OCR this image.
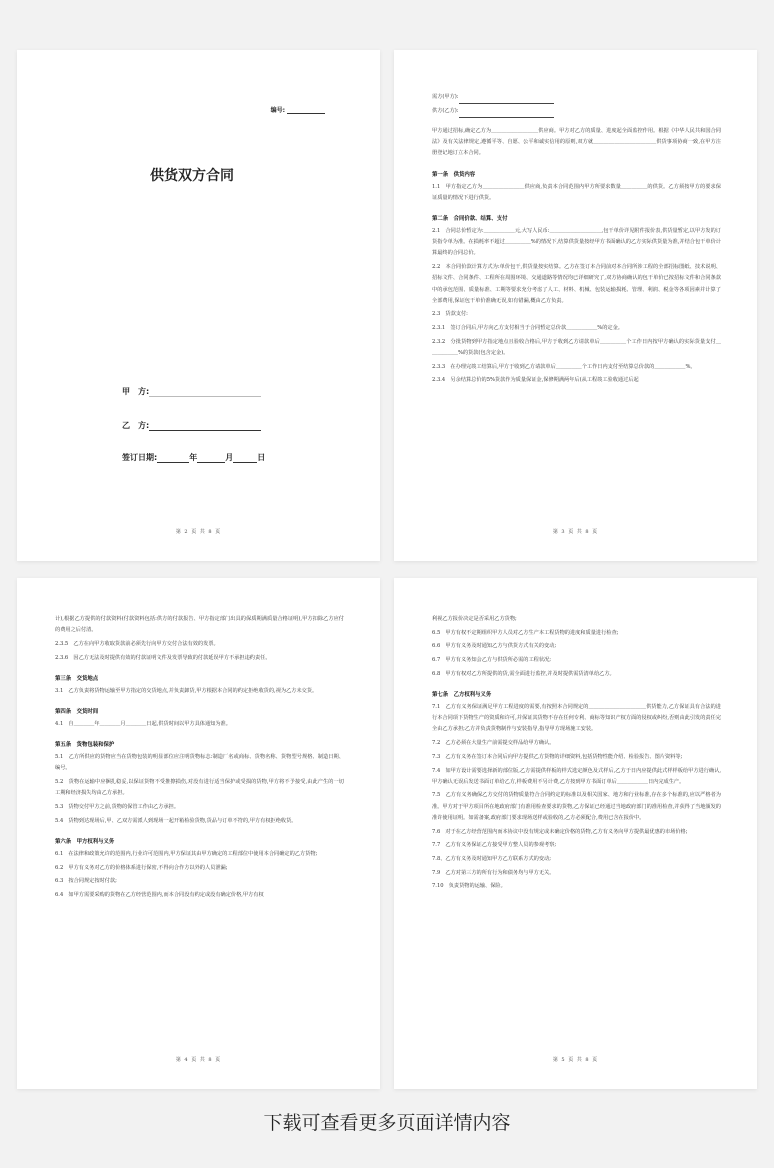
编号:
供货双方合同
甲　方:
乙　方:
签订日期:	年	月	日
第 2 页 共 8 页
需方(甲方):
供方(乙方):
甲方通过招标,确定乙方为＿＿＿＿＿＿＿＿＿供应商。甲方对乙方的质量、进度起全面监控作用。根据《中华人民共和国合同法》及有关法律规定,遵循平等、自愿、公平和诚实信用的原则,双方就＿＿＿＿＿＿＿＿＿＿＿＿供货事项协商一致,在甲方注册登记地订立本合同。
第一条　供货内容
1.1　甲方指定乙方为＿＿＿＿＿＿＿＿供应商,负责本合同范围内甲方所要求数量＿＿＿＿＿的供货。乙方须按甲方的要求保证质量的情况下进行供货。
第二条　合同价款、结算、支付
2.1　合同总价暂定为:＿＿＿＿＿＿元,大写人民币:＿＿＿＿＿＿＿＿＿＿,包干单价详见附件报价表,供货量暂定,以甲方发的订货指令单为准。在损耗率不超过＿＿＿＿＿%的情况下,结算供货量按经甲方书面确认的乙方实际供货量为准,并结合包干单价计算最终的合同总价。
2.2　本合同价款计算方式为:单价包干,供货量按实结算。乙方在签订本合同前对本合同所涉工程的全部招标图纸、技术说明、招标文件、合同条件、工程所在周围环境、交通道路等情况均已详细研究了,双方协商确认的包干单价已按招标文件和合同条款中的承包范围、质量标准、工期等要求充分考虑了人工、材料、机械、包装运输损耗、管理、利润、税金等各项因素并计算了全部费用,保证包干单价准确无误,如有错漏,概由乙方负责。
2.3　货款支付:
2.3.1　签订合同后,甲方向乙方支付相当于合同暂定总价款＿＿＿＿＿＿%的定金。
2.3.2　分批货物到甲方指定地点且验收合格后,甲方于收到乙方请款单后＿＿＿＿＿个工作日内按甲方确认的实际货量支付＿＿＿＿＿＿%的货款(包含定金)。
2.3.3　在办理完竣工结算后,甲方于收到乙方请款单后＿＿＿＿＿个工作日内支付至结算总价款的＿＿＿＿＿＿%。
2.3.4　另余结算总价的5%货款作为质量保证金,保修期满两年后(从工程竣工验收通过后起
第 3 页 共 8 页
计),根据乙方提供的付款资料(付款资料包括:供方的付款报告、甲方指定部门出具的保质期满质量合格证明),甲方扣除乙方应付的费用之后付清。
2.3.5　乙方在向甲方收取货款前必须先行向甲方交付合法有效的发票。
2.3.6　因乙方无法及时提供有效的付款证明文件及发票导致的付款延误甲方不承担违约责任。
第三条　交货地点
3.1　乙方负责将货物运输至甲方指定的交货地点,并负责卸货,甲方根据本合同的约定拒绝收货的,视为乙方未交货。
第四条　交货时间
4.1　自＿＿＿＿年＿＿＿＿月＿＿＿＿日起,供货时间以甲方具体通知为准。
第五条　货物包装和保护
5.1　乙方所供应的货物应当在货物包装的明显部位应注明货物标志:制造厂名或商标、货物名称、货物型号规格、制造日期、编号。
5.2　货物在运输中应捆扎稳妥,以保证货物不受推擦损伤,对没有进行适当保护或受损的货物,甲方将不予接受,由此产生的一切工期和经济损失均由乙方承担。
5.3　货物交付甲方之前,货物的保管工作由乙方承担。
5.4　货物到达现场后,甲、乙双方需派人到现场一起开箱检验货物,货品与订单不符的,甲方有权拒绝收货。
第六条　甲方权利与义务
6.1　在法律和政策允许的范围内,行业许可范围内,甲方保证其由甲方确定的工程部位中使用本合同确定的乙方货物;
6.2　甲方有义务对乙方的价格体系进行保密,不得向合作方以外的人员泄漏;
6.3　按合同规定按时付款;
6.4　如甲方需要采购的货物在乙方经营范围内,而本合同没有约定或没有确定价格,甲方有权
第 4 页 共 8 页
利视乙方报价决定是否采用乙方货物;
6.5　甲方有权不定期组织甲方人员对乙方生产本工程货物的进度和质量进行检查;
6.6　甲方有义务及时通知乙方与供货方式有关的变动;
6.7　甲方有义务知会乙方与供货所必需的工程状况;
6.8　甲方有权对乙方所提供的货,需全面进行监控,并及时提供需货清单给乙方。
第七条　乙方权利与义务
7.1　乙方有义务保证满足甲方工程进度的需要,有按照本合同规定的＿＿＿＿＿＿＿＿＿＿＿供货能力,乙方保证具有合法的进行本合同项下货物生产的资质和许可,并保证其货物不存在任何专利、商标等知识产权方面的侵权或纠纷,否则由此引发的责任完全由乙方承担;乙方并负责货物制作与安装指导,指导甲方现场施工安装。
7.2　乙方必须在大量生产前需提交样品给甲方确认。
7.3　乙方有义务在签订本合同后向甲方提供乙方货物的详细资料,包括货物性能介绍、检验报告、图片资料等;
7.4　如甲方设计需要选择新的部位版,乙方需提供样板的样式选定颜色及式样后,乙方于日内应提供此式样样板给甲方进行确认,甲方确认无误后发送书面订单给乙方,样板费用不另计费,乙方按到甲方书面订单后＿＿＿＿＿＿日内完成生产。
7.5　乙方有义务确保乙方交付的货物质量符合合同约定的标准以及相关国家、地方和行业标准,存在多个标准的,应以严格者为准。甲方对于甲方项目所在地政府部门有准用检查要求的货物,乙方保证已经通过当地政府部门的准用检查,并获得了当地颁发的准许使用证明。如需备案,政府部门要求现场送样或验收的,乙方必须配合,费用已含在报价中。
7.6　对于在乙方经营范围内而本协议中没有规定或未确定价格的货物,乙方有义务向甲方提供最优惠的市场价格;
7.7　乙方有义务保证乙方接受甲方整人员的参观考察;
7.8、乙方有义务及时通知甲方乙方联系方式的变动;
7.9　乙方对第三方的所有行为和债务均与甲方无关。
7.10　负责货物的运输、保险。
第 5 页 共 8 页
下载可查看更多页面详情内容
